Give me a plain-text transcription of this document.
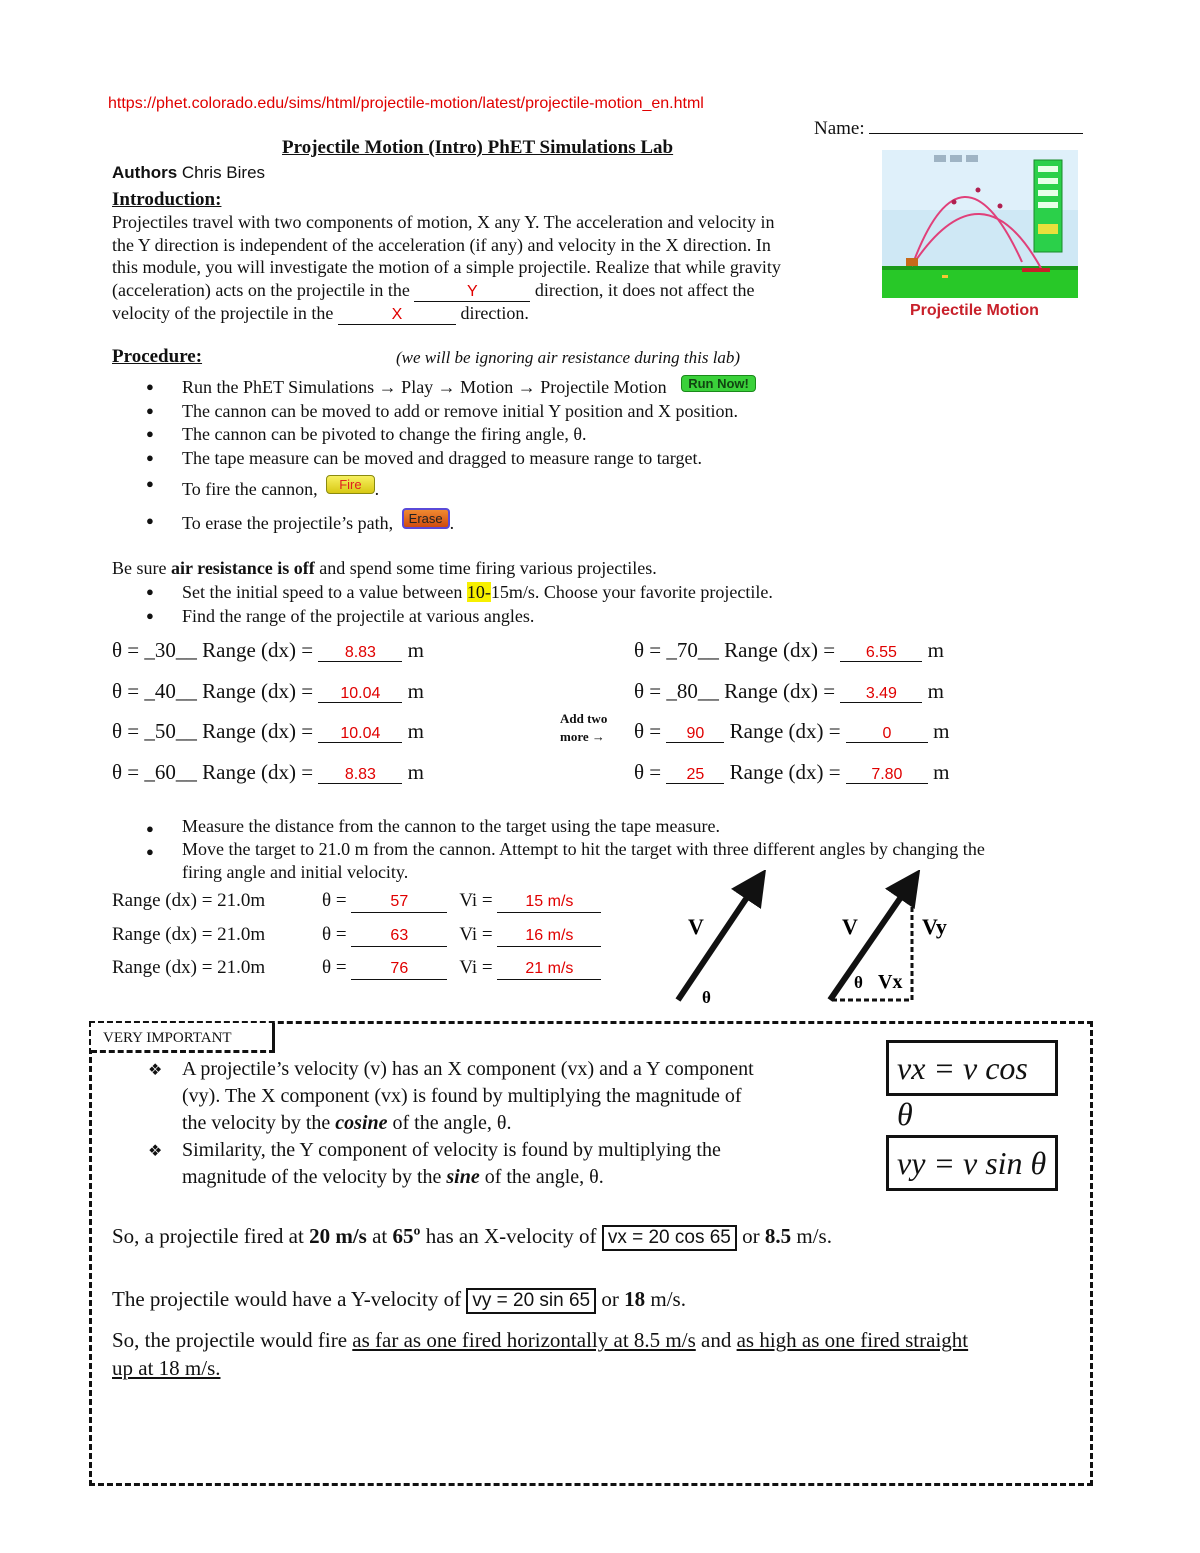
https://phet.colorado.edu/sims/html/projectile-motion/latest/projectile-motion_en.html
Name:
Projectile Motion (Intro) PhET Simulations Lab
Authors Chris Bires
Introduction:
Projectiles travel with two components of motion, X any Y. The acceleration and velocity in
the Y direction is independent of the acceleration (if any) and velocity in the X direction. In
this module, you will investigate the motion of a simple projectile. Realize that while gravity
(acceleration) acts on the projectile in the	Y	direction, it does not affect the
velocity of the projectile in the	X	direction.	Projectile Motion
Procedure:	(we will be ignoring air resistance during this lab)
● Run the PhET Simulations → Play → Motion → Projectile Motion Run Now!
● The cannon can be moved to add or remove initial Y position and X position.
● The cannon can be pivoted to change the firing angle, θ.
● The tape measure can be moved and dragged to measure range to target.
● To fire the cannon, Fire .
● To erase the projectile’s path, Erase .
Be sure air resistance is off and spend some time firing various projectiles.
● Set the initial speed to a value between 10-15m/s. Choose your favorite projectile.
● Find the range of the projectile at various angles.
θ = _30__ Range (dx) = 8.83 m
θ = _40__ Range (dx) = 10.04 m
θ = _50__ Range (dx) = 10.04 m
θ = _60__ Range (dx) = 8.83 m
Add two
more →
θ = _70__ Range (dx) = 6.55 m
θ = _80__ Range (dx) = 3.49 m
θ = 90 Range (dx) =	0 m
θ = 25 Range (dx) = 7.80 m
● Measure the distance from the cannon to the target using the tape measure.
● Move the target to 21.0 m from the cannon. Attempt to hit the target with three different angles by changing the
firing angle and initial velocity.
Range (dx) = 21.0m	θ =	57	Vi = 15 m/s
Range (dx) = 21.0m	θ =	63	Vi = 16 m/s
Range (dx) = 21.0m	θ =	76	Vi = 21 m/s
V
θ
V	Vy
θ Vx
VERY IMPORTANT
❖ A projectile’s velocity (v) has an X component (vx) and a Y component
(vy). The X component (vx) is found by multiplying the magnitude of
the velocity by the cosine of the angle, θ.
❖ Similarity, the Y component of velocity is found by multiplying the
magnitude of the velocity by the sine of the angle, θ.
vx = v cos θ
vy = v sin θ
So, a projectile fired at 20 m/s at 65º has an X-velocity of vx = 20 cos 65 or 8.5 m/s.
The projectile would have a Y-velocity of vy = 20 sin 65 or 18 m/s.
So, the projectile would fire as far as one fired horizontally at 8.5 m/s and as high as one fired straight
up at 18 m/s.
